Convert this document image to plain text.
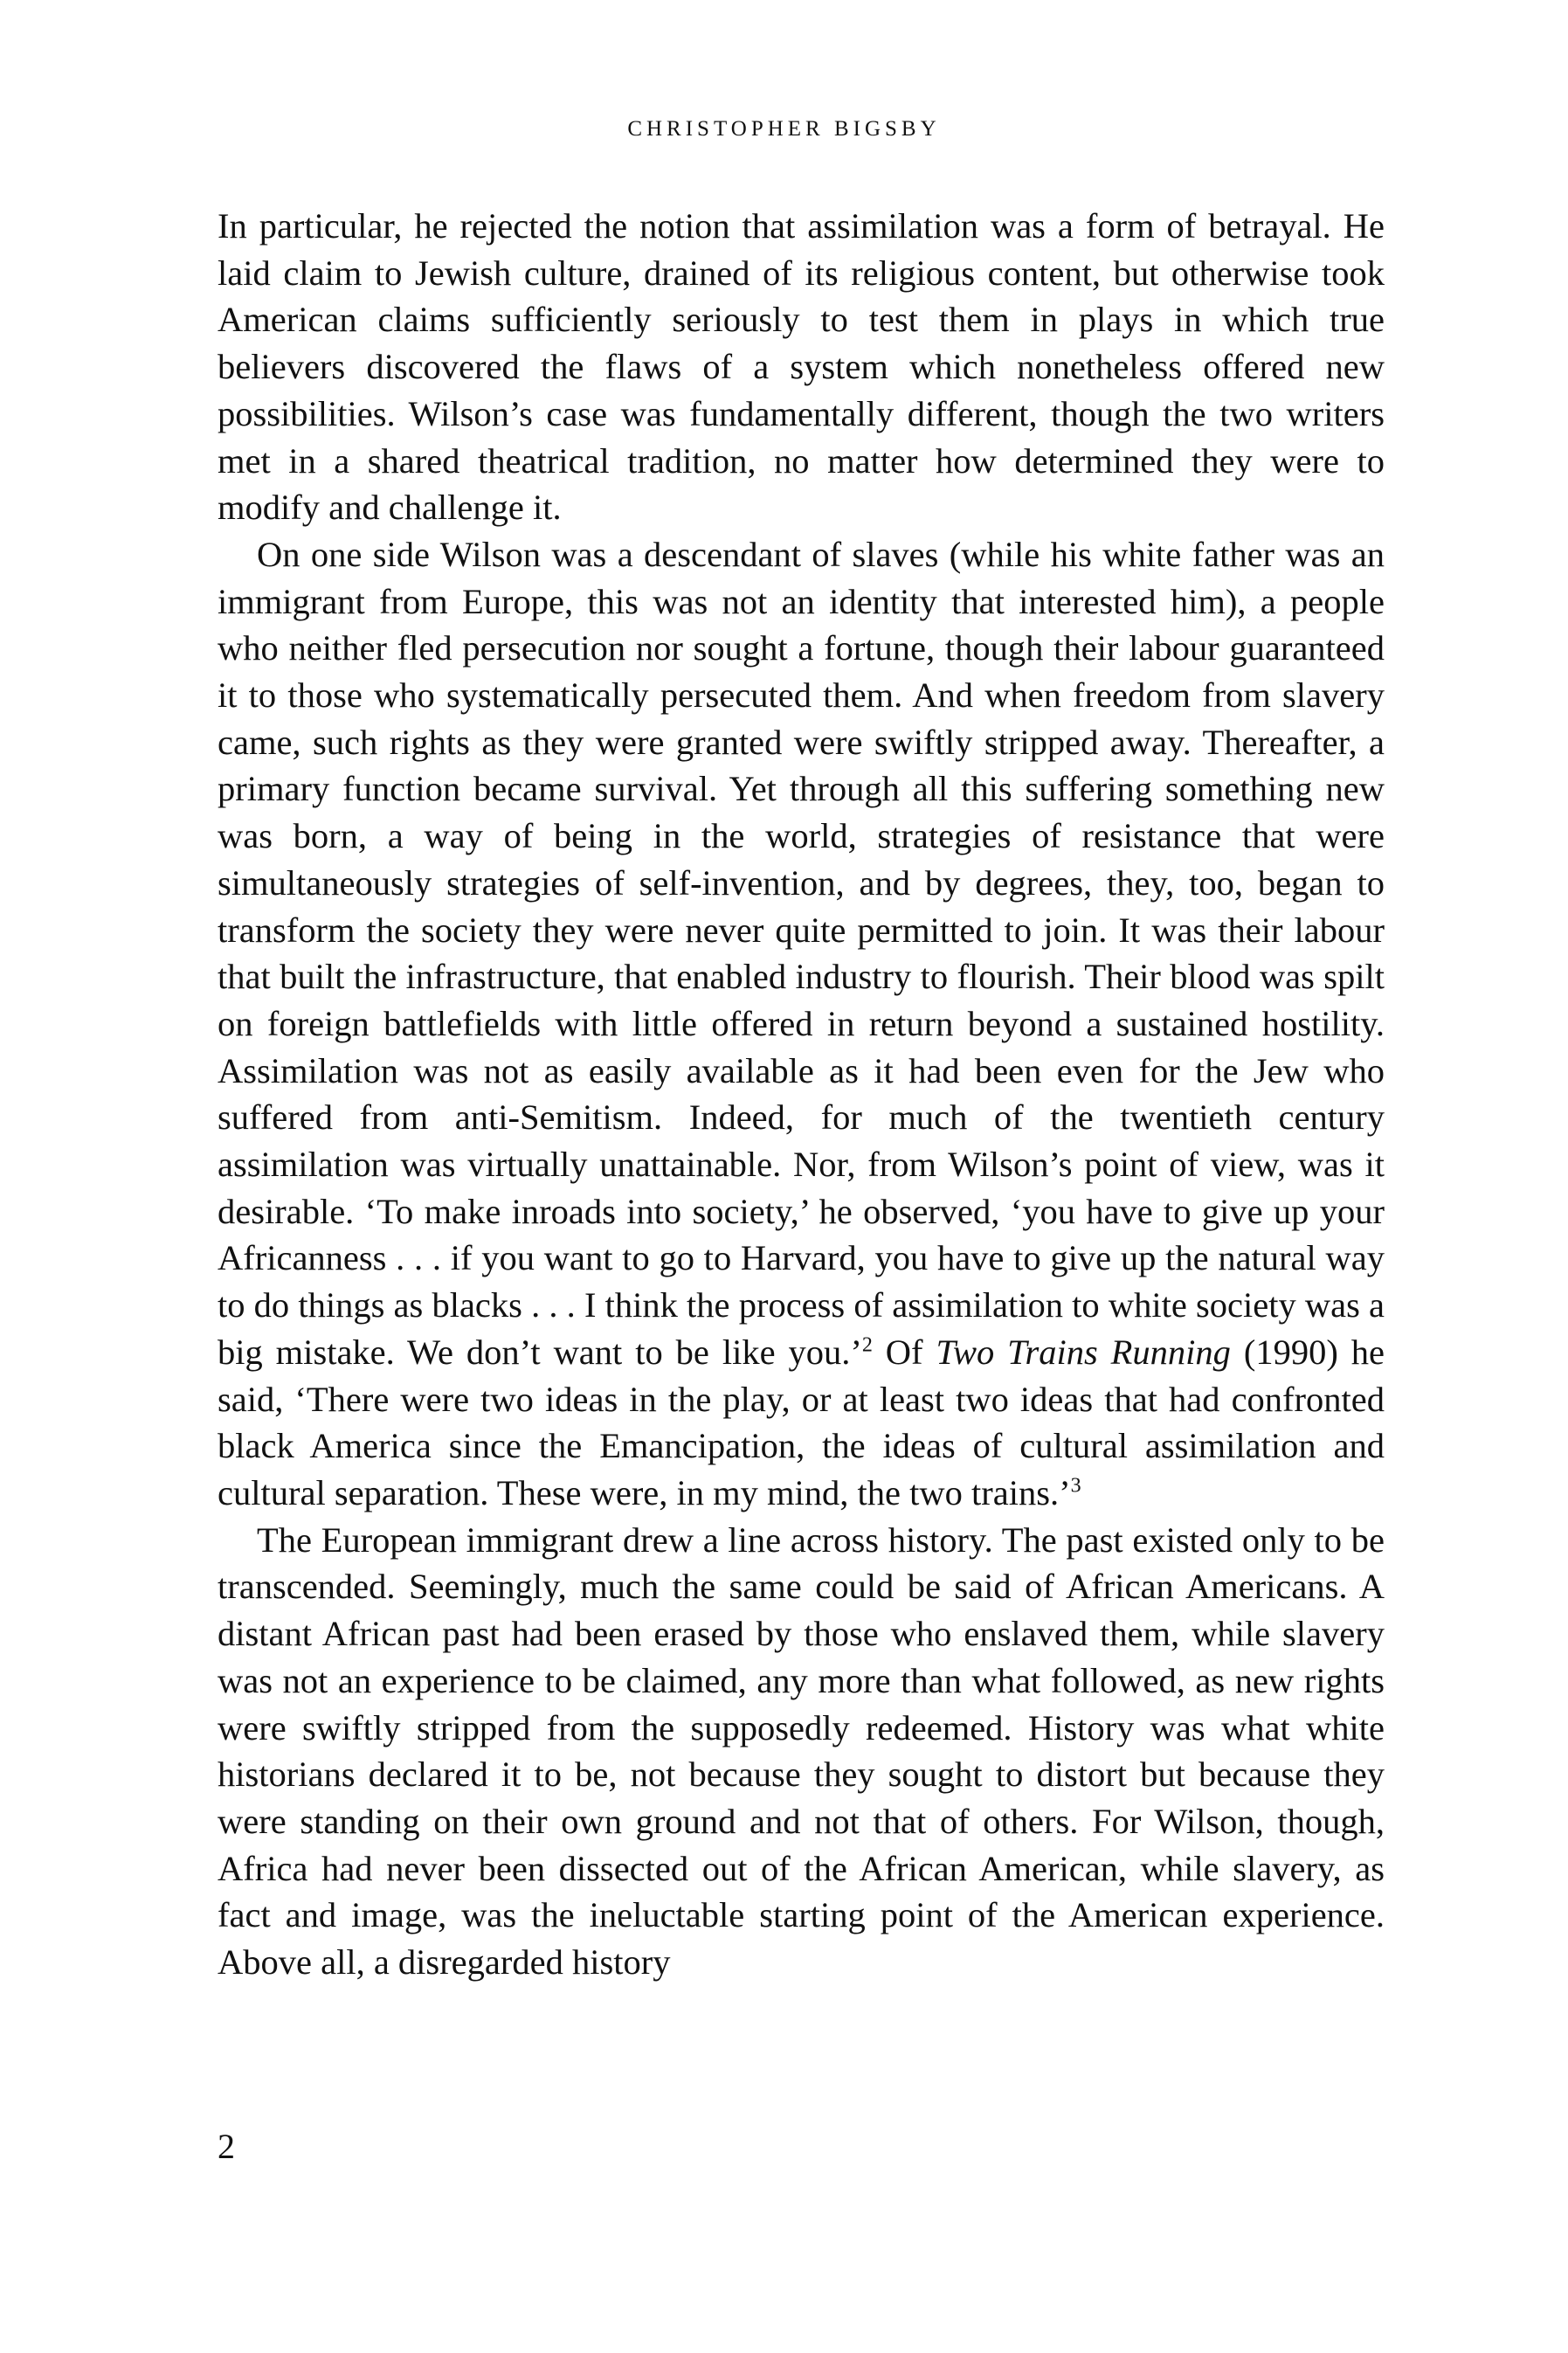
CHRISTOPHER BIGSBY

In particular, he rejected the notion that assimilation was a form of betrayal. He laid claim to Jewish culture, drained of its religious content, but otherwise took American claims sufficiently seriously to test them in plays in which true believers discovered the flaws of a system which nonetheless offered new possibilities. Wilson’s case was fundamentally different, though the two writers met in a shared theatrical tradition, no matter how determined they were to modify and challenge it.

On one side Wilson was a descendant of slaves (while his white father was an immigrant from Europe, this was not an identity that interested him), a people who neither fled persecution nor sought a fortune, though their labour guaranteed it to those who systematically persecuted them. And when freedom from slavery came, such rights as they were granted were swiftly stripped away. Thereafter, a primary function became survival. Yet through all this suffering something new was born, a way of being in the world, strategies of resistance that were simultaneously strategies of self-invention, and by degrees, they, too, began to transform the society they were never quite permitted to join. It was their labour that built the infrastructure, that enabled industry to flourish. Their blood was spilt on foreign battlefields with little offered in return beyond a sustained hostility. Assimilation was not as easily available as it had been even for the Jew who suffered from anti-Semitism. Indeed, for much of the twentieth century assimilation was virtually unattainable. Nor, from Wilson’s point of view, was it desirable. ‘To make inroads into society,’ he observed, ‘you have to give up your Africanness . . . if you want to go to Harvard, you have to give up the natural way to do things as blacks . . . I think the process of assimilation to white society was a big mistake. We don’t want to be like you.’$^2$ Of Two Trains Running (1990) he said, ‘There were two ideas in the play, or at least two ideas that had confronted black America since the Emancipation, the ideas of cultural assimilation and cultural separation. These were, in my mind, the two trains.’$^3$

The European immigrant drew a line across history. The past existed only to be transcended. Seemingly, much the same could be said of African Americans. A distant African past had been erased by those who enslaved them, while slavery was not an experience to be claimed, any more than what followed, as new rights were swiftly stripped from the supposedly redeemed. History was what white historians declared it to be, not because they sought to distort but because they were standing on their own ground and not that of others. For Wilson, though, Africa had never been dissected out of the African American, while slavery, as fact and image, was the ineluctable starting point of the American experience. Above all, a disregarded history

2
